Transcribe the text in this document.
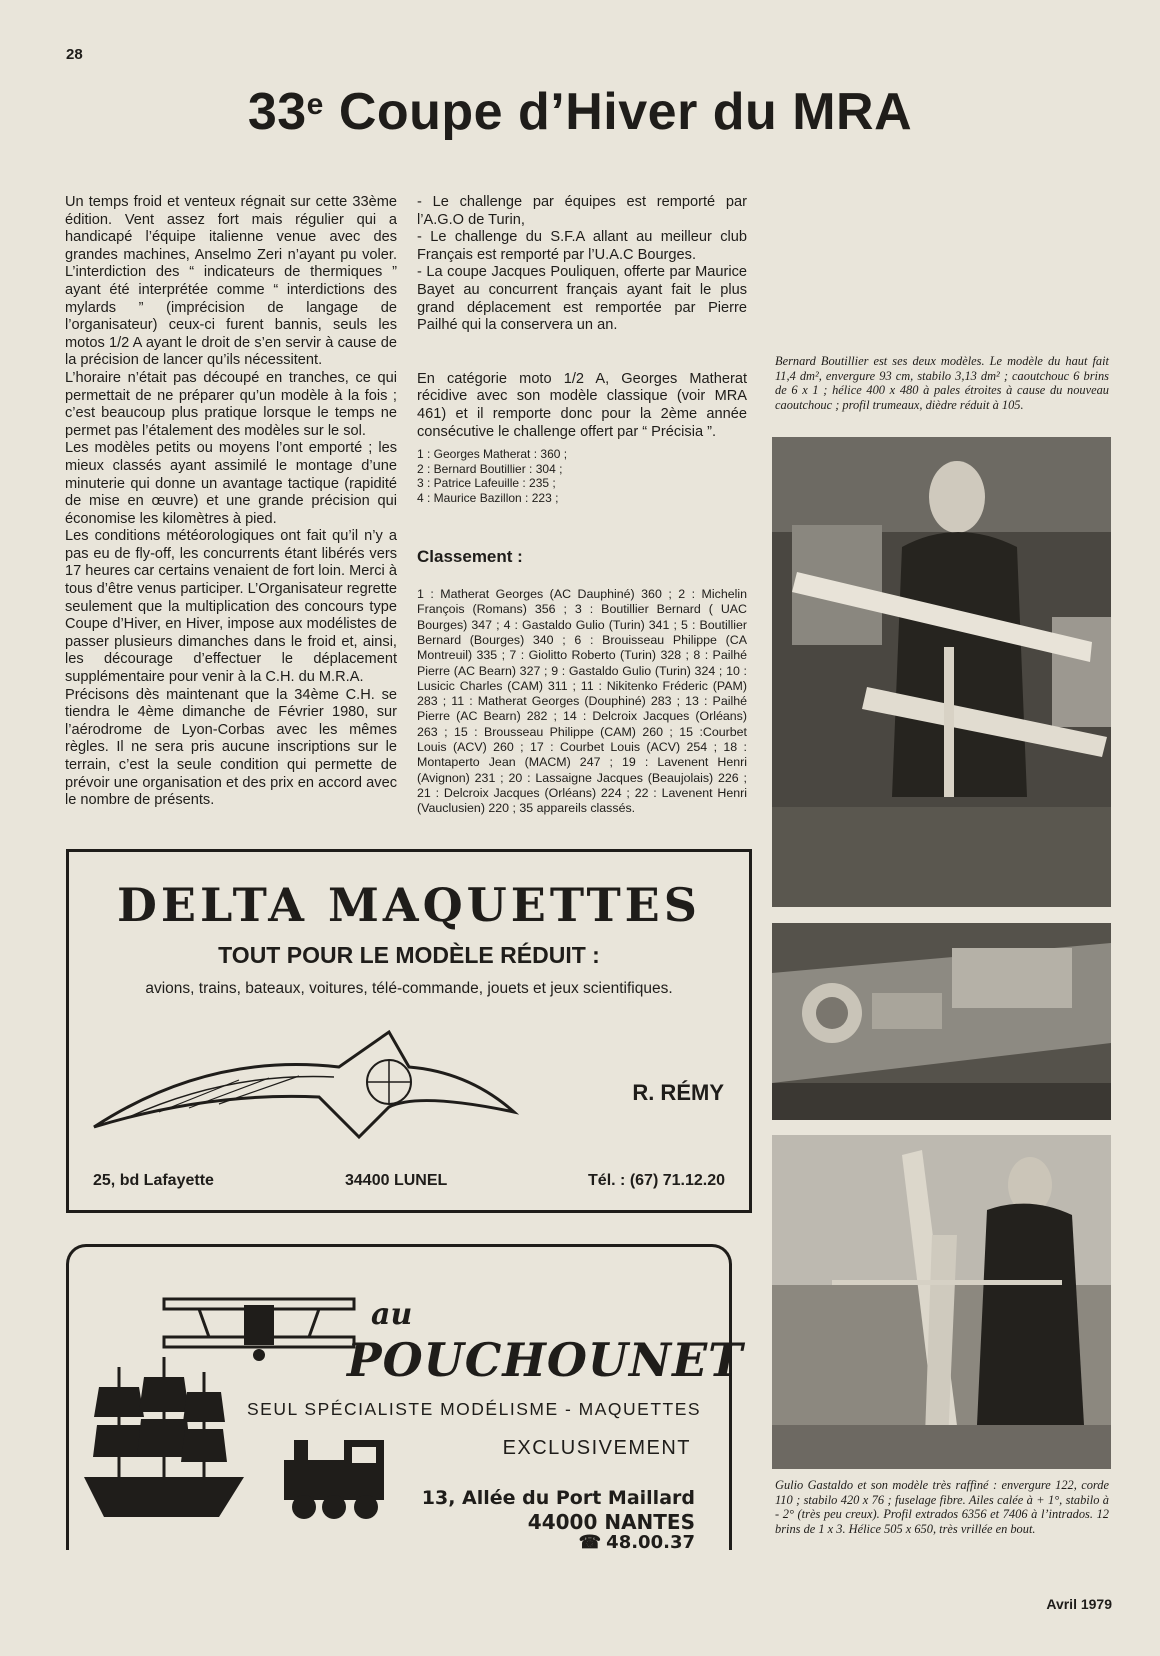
28
33e Coupe d’Hiver du MRA

Un temps froid et venteux régnait sur cette 33ème édition. Vent assez fort mais régulier qui a handicapé l’équipe italienne venue avec des grandes machines, Anselmo Zeri n’ayant pu voler. L’interdiction des “ indicateurs de thermiques ” ayant été interprétée comme “ interdictions des mylards ” (imprécision de langage de l’organisateur) ceux-ci furent bannis, seuls les motos 1/2 A ayant le droit de s’en servir à cause de la précision de lancer qu’ils nécessitent.

L’horaire n’était pas découpé en tranches, ce qui permettait de ne préparer qu’un modèle à la fois ; c’est beaucoup plus pratique lorsque le temps ne permet pas l’étalement des modèles sur le sol.

Les modèles petits ou moyens l’ont emporté ; les mieux classés ayant assimilé le montage d’une minuterie qui donne un avantage tactique (rapidité de mise en œuvre) et une grande précision qui économise les kilomètres à pied.

Les conditions météorologiques ont fait qu’il n’y a pas eu de fly-off, les concurrents étant libérés vers 17 heures car certains venaient de fort loin. Merci à tous d’être venus participer. L’Organisateur regrette seulement que la multiplication des concours type Coupe d’Hiver, en Hiver, impose aux modélistes de passer plusieurs dimanches dans le froid et, ainsi, les décourage d’effectuer le déplacement supplémentaire pour venir à la C.H. du M.R.A.

Précisons dès maintenant que la 34ème C.H. se tiendra le 4ème dimanche de Février 1980, sur l’aérodrome de Lyon-Corbas avec les mêmes règles. Il ne sera pris aucune inscriptions sur le terrain, c’est la seule condition qui permette de prévoir une organisation et des prix en accord avec le nombre de présents.

- Le challenge par équipes est remporté par l’A.G.O de Turin,

- Le challenge du S.F.A allant au meilleur club Français est remporté par l’U.A.C Bourges.

- La coupe Jacques Pouliquen, offerte par Maurice Bayet au concurrent français ayant fait le plus grand déplacement est remportée par Pierre Pailhé qui la conservera un an.

En catégorie moto 1/2 A, Georges Matherat récidive avec son modèle classique (voir MRA 461) et il remporte donc pour la 2ème année consécutive le challenge offert par “ Précisia ”.

1 : Georges Matherat : 360 ;
2 : Bernard Boutillier : 304 ;
3 : Patrice Lafeuille : 235 ;
4 : Maurice Bazillon : 223 ;
Classement :
1 : Matherat Georges (AC Dauphiné) 360 ; 2 : Michelin François (Romans) 356 ; 3 : Boutillier Bernard ( UAC Bourges) 347 ; 4 : Gastaldo Gulio (Turin) 341 ; 5 : Boutillier Bernard (Bourges) 340 ; 6 : Brouisseau Philippe (CA Montreuil) 335 ; 7 : Giolitto Roberto (Turin) 328 ; 8 : Pailhé Pierre (AC Bearn) 327 ; 9 : Gastaldo Gulio (Turin) 324 ; 10 : Lusicic Charles (CAM) 311 ; 11 : Nikitenko Fréderic (PAM) 283 ; 11 : Matherat Georges (Douphiné) 283 ; 13 : Pailhé Pierre (AC Bearn) 282 ; 14 : Delcroix Jacques (Orléans) 263 ; 15 : Brousseau Philippe (CAM) 260 ; 15 :Courbet Louis (ACV) 260 ; 17 : Courbet Louis (ACV) 254 ; 18 : Montaperto Jean (MACM) 247 ; 19 : Lavenent Henri (Avignon) 231 ; 20 : Lassaigne Jacques (Beaujolais) 226 ; 21 : Delcroix Jacques (Orléans) 224 ; 22 : Lavenent Henri (Vauclusien) 220 ; 35 appareils classés.
Bernard Boutillier est ses deux modèles. Le modèle du haut fait 11,4 dm², envergure 93 cm, stabilo 3,13 dm² ; caoutchouc 6 brins de 6 x 1 ; hélice 400 x 480 à pales étroites à cause du nouveau caoutchouc ; profil trumeaux, dièdre réduit à 105.
Gulio Gastaldo et son modèle très raffiné : envergure 122, corde 110 ; stabilo 420 x 76 ; fuselage fibre. Ailes calée à + 1°, stabilo à - 2° (très peu creux). Profil extrados 6356 et 7406 à l’intrados. 12 brins de 1 x 3. Hélice 505 x 650, très vrillée en bout.
DELTA MAQUETTES
TOUT POUR LE MODÈLE RÉDUIT :
avions, trains, bateaux, voitures, télé-commande, jouets et jeux scientifiques.
R. RÉMY
25, bd Lafayette	34400 LUNEL	Tél. : (67) 71.12.20
au
POUCHOUNET
SEUL SPÉCIALISTE MODÉLISME - MAQUETTES
EXCLUSIVEMENT
13, Allée du Port Maillard
44000 NANTES
☎ 48.00.37
Avril 1979
